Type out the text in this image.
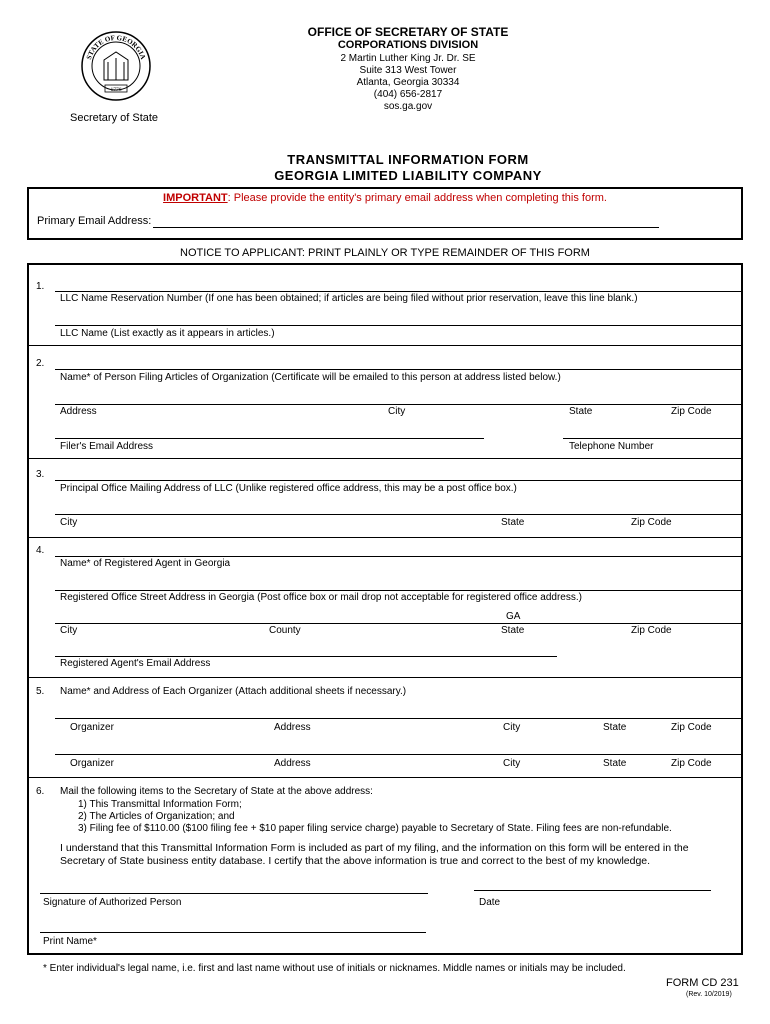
STATE OF GEORGIA
1776
Secretary of State
OFFICE OF SECRETARY OF STATE
CORPORATIONS DIVISION
2 Martin Luther King Jr. Dr. SE
Suite 313 West Tower
Atlanta, Georgia 30334
(404) 656-2817
sos.ga.gov
TRANSMITTAL INFORMATION FORM
GEORGIA LIMITED LIABILITY COMPANY
IMPORTANT: Please provide the entity's primary email address when completing this form.
Primary Email Address:
NOTICE TO APPLICANT: PRINT PLAINLY OR TYPE REMAINDER OF THIS FORM
1.
LLC Name Reservation Number (If one has been obtained; if articles are being filed without prior reservation, leave this line blank.)
LLC Name (List exactly as it appears in articles.)
2.
Name* of Person Filing Articles of Organization (Certificate will be emailed to this person at address listed below.)
Address	City	State	Zip Code
Filer's Email Address	Telephone Number
3.
Principal Office Mailing Address of LLC (Unlike registered office address, this may be a post office box.)
City	State	Zip Code
4.
Name* of Registered Agent in Georgia
Registered Office Street Address in Georgia (Post office box or mail drop not acceptable for registered office address.)
GA
City	County	State	Zip Code
Registered Agent's Email Address
5. Name* and Address of Each Organizer (Attach additional sheets if necessary.)
Organizer	Address	City	State	Zip Code
Organizer	Address	City	State	Zip Code
6. Mail the following items to the Secretary of State at the above address:
1) This Transmittal Information Form;
2) The Articles of Organization; and
3) Filing fee of $110.00 ($100 filing fee + $10 paper filing service charge) payable to Secretary of State. Filing fees are non-refundable.
I understand that this Transmittal Information Form is included as part of my filing, and the information on this form will be entered in the
Secretary of State business entity database. I certify that the above information is true and correct to the best of my knowledge.
Signature of Authorized Person	Date
Print Name*
* Enter individual's legal name, i.e. first and last name without use of initials or nicknames. Middle names or initials may be included.
FORM CD 231
(Rev. 10/2019)
